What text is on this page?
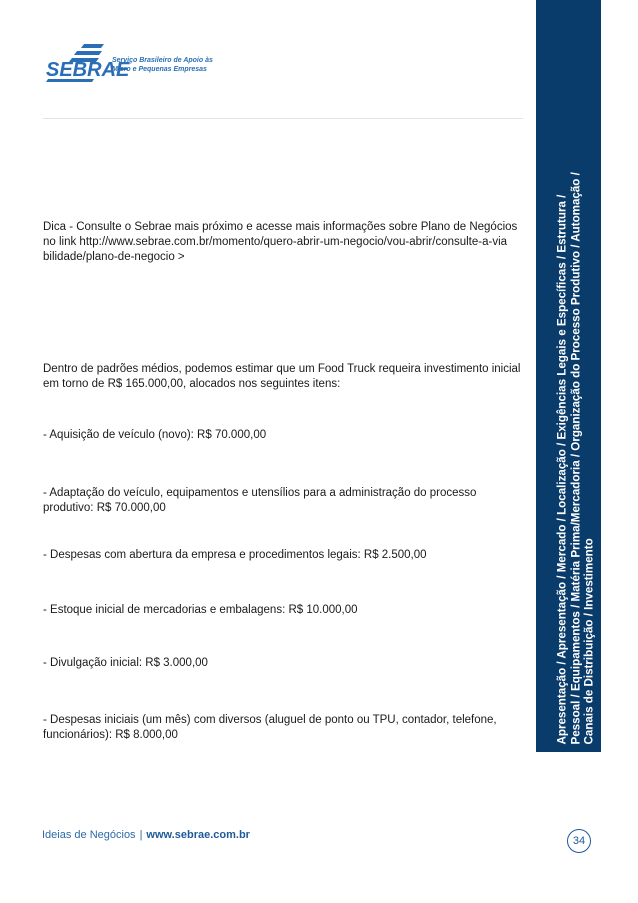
SEBRAE
Serviço Brasileiro de Apoio às
Micro e Pequenas Empresas
Apresentação / Apresentação / Mercado / Localização / Exigências Legais e Específicas / Estrutura / Pessoal / Equipamentos / Matéria Prima/Mercadoria / Organização do Processo Produtivo / Automação / Canais de Distribuição / Investimento

Dica - Consulte o Sebrae mais próximo e acesse mais informações sobre Plano de Negócios no link http://www.sebrae.com.br/momento/quero-abrir-um-negocio/vou-abrir/consulte-a-via bilidade/plano-de-negocio >

Dentro de padrões médios, podemos estimar que um Food Truck requeira investimento inicial em torno de R$ 165.000,00, alocados nos seguintes itens:

- Aquisição de veículo (novo): R$ 70.000,00

- Adaptação do veículo, equipamentos e utensílios para a administração do processo produtivo: R$ 70.000,00

- Despesas com abertura da empresa e procedimentos legais: R$ 2.500,00

- Estoque inicial de mercadorias e embalagens: R$ 10.000,00

- Divulgação inicial: R$ 3.000,00

- Despesas iniciais (um mês) com diversos (aluguel de ponto ou TPU, contador, telefone, funcionários): R$ 8.000,00

Ideias de Negócios | www.sebrae.com.br	34
